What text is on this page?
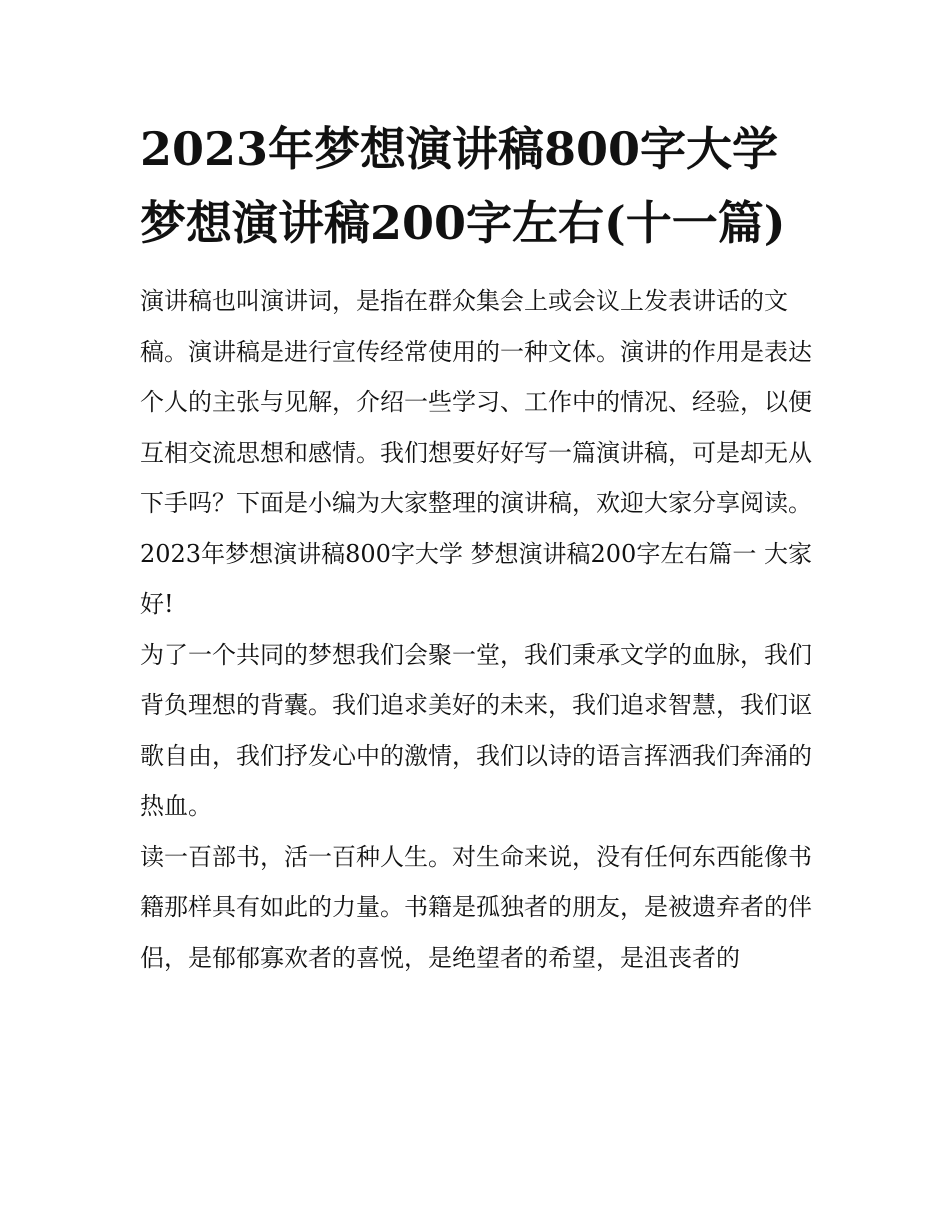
2023年梦想演讲稿800字大学梦想演讲稿200字左右(十一篇)

演讲稿也叫演讲词，是指在群众集会上或会议上发表讲话的文稿。演讲稿是进行宣传经常使用的一种文体。演讲的作用是表达个人的主张与见解，介绍一些学习、工作中的情况、经验，以便互相交流思想和感情。我们想要好好写一篇演讲稿，可是却无从下手吗？下面是小编为大家整理的演讲稿，欢迎大家分享阅读。

2023年梦想演讲稿800字大学 梦想演讲稿200字左右篇一 大家好!

为了一个共同的梦想我们会聚一堂，我们秉承文学的血脉，我们背负理想的背囊。我们追求美好的未来，我们追求智慧，我们讴歌自由，我们抒发心中的激情，我们以诗的语言挥洒我们奔涌的热血。

读一百部书，活一百种人生。对生命来说，没有任何东西能像书籍那样具有如此的力量。书籍是孤独者的朋友，是被遗弃者的伴侣，是郁郁寡欢者的喜悦，是绝望者的希望，是沮丧者的
